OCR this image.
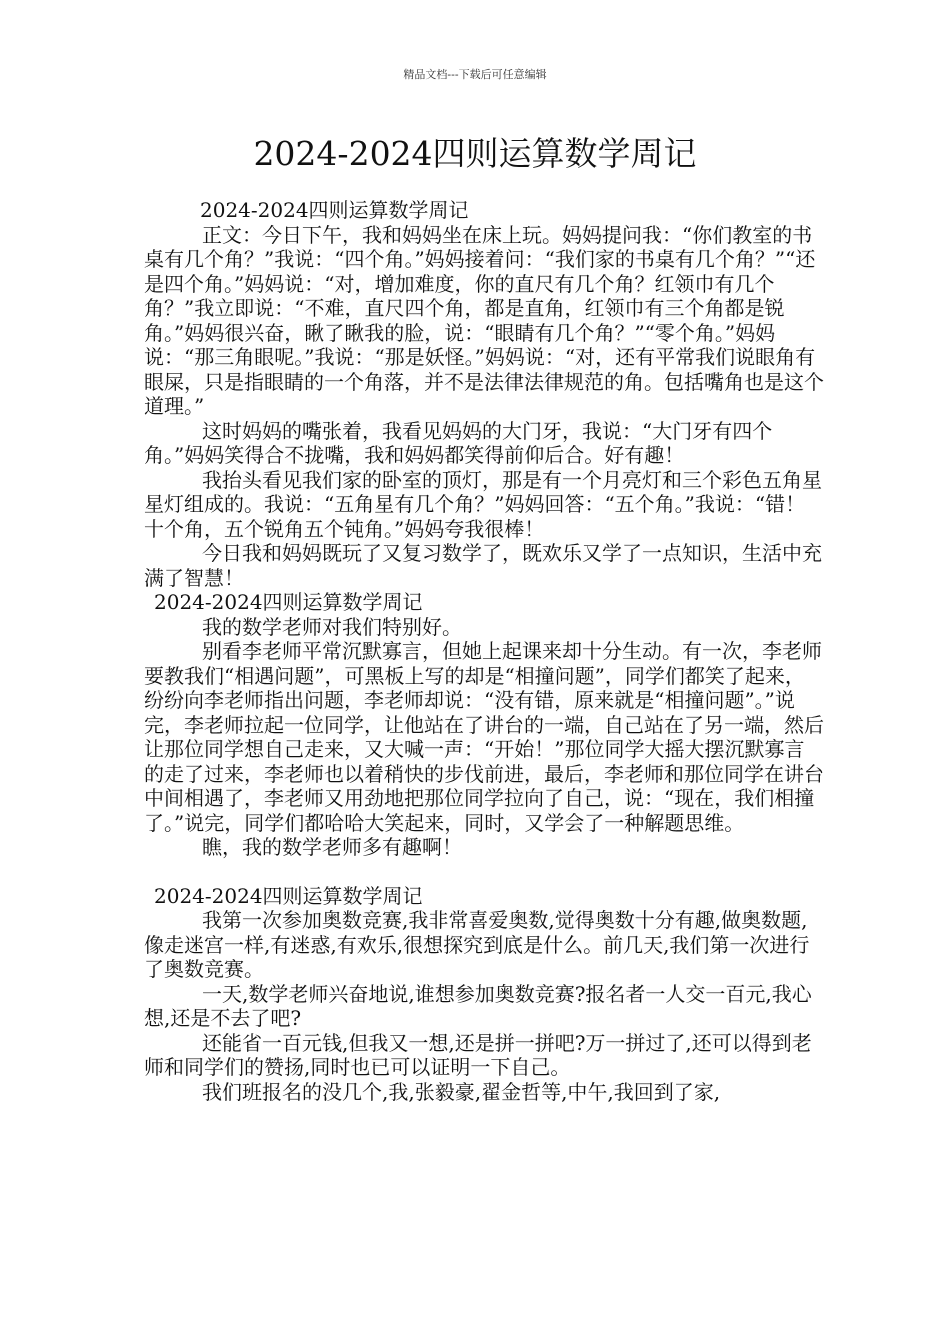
精品文档---下载后可任意编辑
2024-2024四则运算数学周记
2024-2024四则运算数学周记

正文：今日下午，我和妈妈坐在床上玩。妈妈提问我：“你们教室的书桌有几个角？”我说：“四个角。”妈妈接着问：“我们家的书桌有几个角？”“还是四个角。”妈妈说：“对，增加难度，你的直尺有几个角？红领巾有几个角？”我立即说：“不难，直尺四个角，都是直角，红领巾有三个角都是锐角。”妈妈很兴奋，瞅了瞅我的脸，说：“眼睛有几个角？”“零个角。”妈妈说：“那三角眼呢。”我说：“那是妖怪。”妈妈说：“对，还有平常我们说眼角有眼屎，只是指眼睛的一个角落，并不是法律法律规范的角。包括嘴角也是这个道理。”

这时妈妈的嘴张着，我看见妈妈的大门牙，我说：“大门牙有四个角。”妈妈笑得合不拢嘴，我和妈妈都笑得前仰后合。好有趣！

我抬头看见我们家的卧室的顶灯，那是有一个月亮灯和三个彩色五角星星灯组成的。我说：“五角星有几个角？”妈妈回答：“五个角。”我说：“错！十个角，五个锐角五个钝角。”妈妈夸我很棒！

今日我和妈妈既玩了又复习数学了，既欢乐又学了一点知识，生活中充满了智慧！

2024-2024四则运算数学周记

我的数学老师对我们特别好。

别看李老师平常沉默寡言，但她上起课来却十分生动。有一次，李老师要教我们“相遇问题”，可黑板上写的却是“相撞问题”，同学们都笑了起来，纷纷向李老师指出问题，李老师却说：“没有错，原来就是“相撞问题”。”说完，李老师拉起一位同学，让他站在了讲台的一端，自己站在了另一端，然后让那位同学想自己走来，又大喊一声：“开始！”那位同学大摇大摆沉默寡言的走了过来，李老师也以着稍快的步伐前进，最后，李老师和那位同学在讲台中间相遇了，李老师又用劲地把那位同学拉向了自己，说：“现在，我们相撞了。”说完，同学们都哈哈大笑起来，同时，又学会了一种解题思维。

瞧，我的数学老师多有趣啊！

2024-2024四则运算数学周记

我第一次参加奥数竞赛,我非常喜爱奥数,觉得奥数十分有趣,做奥数题,像走迷宫一样,有迷惑,有欢乐,很想探究到底是什么。前几天,我们第一次进行了奥数竞赛。

一天,数学老师兴奋地说,谁想参加奥数竞赛?报名者一人交一百元,我心想,还是不去了吧?

还能省一百元钱,但我又一想,还是拼一拼吧?万一拼过了,还可以得到老师和同学们的赞扬,同时也已可以证明一下自己。

我们班报名的没几个,我,张毅豪,翟金哲等,中午,我回到了家,
